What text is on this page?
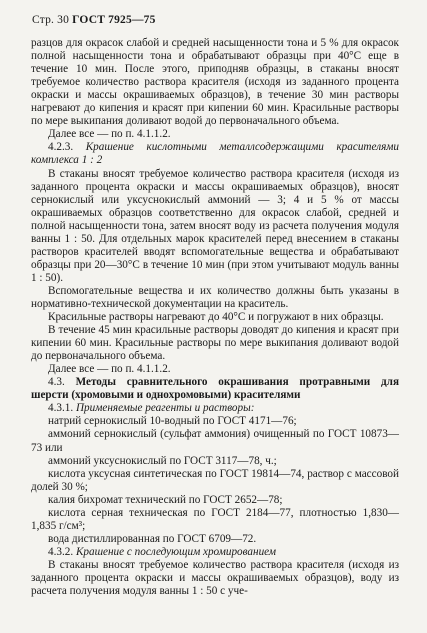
Стр. 30 ГОСТ 7925—75

разцов для окрасок слабой и средней насыщенности тона и 5 % для окрасок полной насыщенности тона и обрабатывают образцы при 40°С еще в течение 10 мин. После этого, приподняв образцы, в стаканы вносят требуемое количество раствора красителя (исходя из заданного процента окраски и массы окрашиваемых образцов), в течение 30 мин растворы нагревают до кипения и красят при кипении 60 мин. Красильные растворы по мере выкипания доливают водой до первоначального объема.

Далее все — по п. 4.1.1.2.

4.2.3. Крашение кислотными металлсодержащими красителями комплекса 1 : 2

В стаканы вносят требуемое количество раствора красителя (исходя из заданного процента окраски и массы окрашиваемых образцов), вносят сернокислый или уксуснокислый аммоний — 3; 4 и 5 % от массы окрашиваемых образцов соответственно для окрасок слабой, средней и полной насыщенности тона, затем вносят воду из расчета получения модуля ванны 1 : 50. Для отдельных марок красителей перед внесением в стаканы растворов красителей вводят вспомогательные вещества и обрабатывают образцы при 20—30°С в течение 10 мин (при этом учитывают модуль ванны 1 : 50).

Вспомогательные вещества и их количество должны быть указаны в нормативно-технической документации на краситель.

Красильные растворы нагревают до 40°С и погружают в них образцы.

В течение 45 мин красильные растворы доводят до кипения и красят при кипении 60 мин. Красильные растворы по мере выкипания доливают водой до первоначального объема.

Далее все — по п. 4.1.1.2.

4.3. Методы сравнительного окрашивания протравными для шерсти (хромовыми и однохромовыми) красителями

4.3.1. Применяемые реагенты и растворы:

натрий сернокислый 10-водный по ГОСТ 4171—76;

аммоний сернокислый (сульфат аммония) очищенный по ГОСТ 10873—73 или

аммоний уксуснокислый по ГОСТ 3117—78, ч.;

кислота уксусная синтетическая по ГОСТ 19814—74, раствор с массовой долей 30 %;

калия бихромат технический по ГОСТ 2652—78;

кислота серная техническая по ГОСТ 2184—77, плотностью 1,830—1,835 г/см³;

вода дистиллированная по ГОСТ 6709—72.

4.3.2. Крашение с последующим хромированием

В стаканы вносят требуемое количество раствора красителя (исходя из заданного процента окраски и массы окрашиваемых образцов), воду из расчета получения модуля ванны 1 : 50 с уче-
